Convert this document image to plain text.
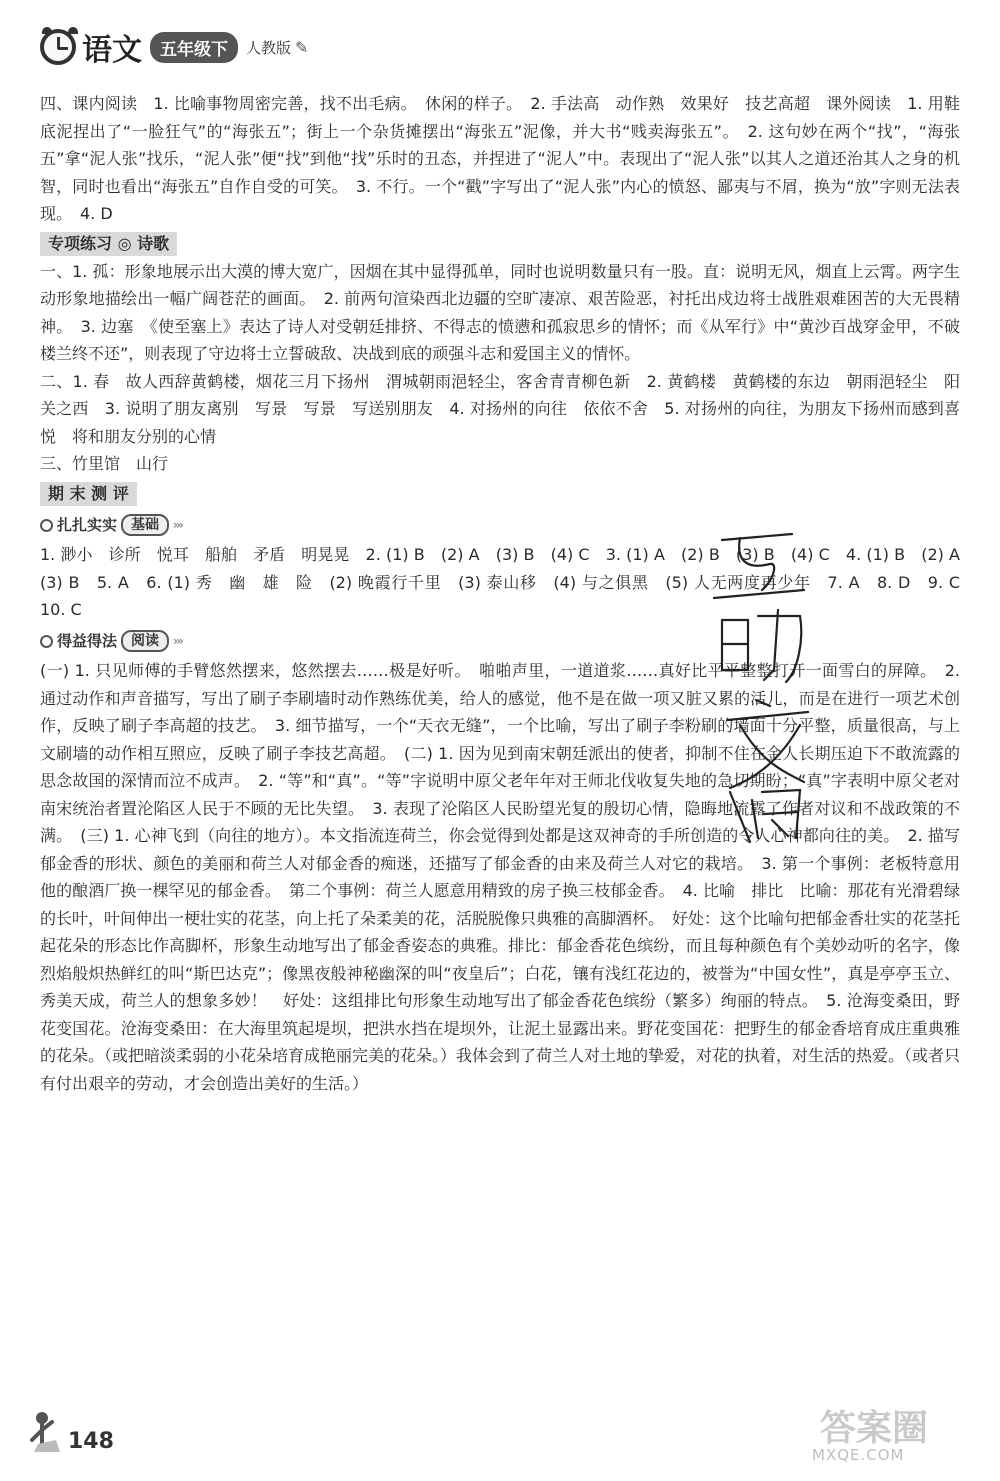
语文	五年级下	人教版 ✎

四、课内阅读　1. 比喻事物周密完善，找不出毛病。　休闲的样子。　2. 手法高　动作熟　效果好　技艺高超　课外阅读　1. 用鞋底泥捏出了“一脸狂气”的“海张五”；街上一个杂货摊摆出“海张五”泥像，并大书“贱卖海张五”。　2. 这句妙在两个“找”，“海张五”拿“泥人张”找乐，“泥人张”便“找”到他“找”乐时的丑态，并捏进了“泥人”中。表现出了“泥人张”以其人之道还治其人之身的机智，同时也看出“海张五”自作自受的可笑。　3. 不行。一个“戳”字写出了“泥人张”内心的愤怒、鄙夷与不屑，换为“放”字则无法表现。　4. D

专项练习 ◎ 诗歌

一、1. 孤：形象地展示出大漠的博大宽广，因烟在其中显得孤单，同时也说明数量只有一股。直：说明无风，烟直上云霄。两字生动形象地描绘出一幅广阔苍茫的画面。　2. 前两句渲染西北边疆的空旷凄凉、艰苦险恶，衬托出戍边将士战胜艰难困苦的大无畏精神。　3. 边塞　《使至塞上》表达了诗人对受朝廷排挤、不得志的愤懑和孤寂思乡的情怀；而《从军行》中“黄沙百战穿金甲，不破楼兰终不还”，则表现了守边将士立誓破敌、决战到底的顽强斗志和爱国主义的情怀。

二、1. 春　故人西辞黄鹤楼，烟花三月下扬州　渭城朝雨浥轻尘，客舍青青柳色新　2. 黄鹤楼　黄鹤楼的东边　朝雨浥轻尘　阳关之西　3. 说明了朋友离别　写景　写景　写送别朋友　4. 对扬州的向往　依依不舍　5. 对扬州的向往，为朋友下扬州而感到喜悦　将和朋友分别的心情

三、竹里馆　山行

期 末 测 评
扎扎实实	基础	›››

1. 渺小　诊所　悦耳　船舶　矛盾　明晃晃　2. (1) B　(2) A　(3) B　(4) C　3. (1) A　(2) B　(3) B　(4) C　4. (1) B　(2) A　(3) B　5. A　6. (1) 秀　幽　雄　险　(2) 晚霞行千里　(3) 泰山移　(4) 与之俱黑　(5) 人无两度再少年　7. A　8. D　9. C　10. C

得益得法	阅读	›››

(一) 1. 只见师傅的手臂悠然摆来，悠然摆去……极是好听。　啪啪声里，一道道浆……真好比平平整整打开一面雪白的屏障。　2. 通过动作和声音描写，写出了刷子李刷墙时动作熟练优美，给人的感觉，他不是在做一项又脏又累的活儿，而是在进行一项艺术创作，反映了刷子李高超的技艺。　3. 细节描写，一个“天衣无缝”，一个比喻，写出了刷子李粉刷的墙面十分平整，质量很高，与上文刷墙的动作相互照应，反映了刷子李技艺高超。　(二) 1. 因为见到南宋朝廷派出的使者，抑制不住在金人长期压迫下不敢流露的思念故国的深情而泣不成声。　2. “等”和“真”。“等”字说明中原父老年年对王师北伐收复失地的急切期盼；“真”字表明中原父老对南宋统治者置沦陷区人民于不顾的无比失望。　3. 表现了沦陷区人民盼望光复的殷切心情，隐晦地流露了作者对议和不战政策的不满。　(三) 1. 心神飞到（向往的地方）。本文指流连荷兰，你会觉得到处都是这双神奇的手所创造的令人心神都向往的美。　2. 描写郁金香的形状、颜色的美丽和荷兰人对郁金香的痴迷，还描写了郁金香的由来及荷兰人对它的栽培。　3. 第一个事例：老板特意用他的酿酒厂换一棵罕见的郁金香。　第二个事例：荷兰人愿意用精致的房子换三枝郁金香。　4. 比喻　排比　比喻：那花有光滑碧绿的长叶，叶间伸出一梗壮实的花茎，向上托了朵柔美的花，活脱脱像只典雅的高脚酒杯。　好处：这个比喻句把郁金香壮实的花茎托起花朵的形态比作高脚杯，形象生动地写出了郁金香姿态的典雅。排比：郁金香花色缤纷，而且每种颜色有个美妙动听的名字，像烈焰般炽热鲜红的叫“斯巴达克”；像黑夜般神秘幽深的叫“夜皇后”；白花，镶有浅红花边的，被誉为“中国女性”，真是亭亭玉立、秀美天成，荷兰人的想象多妙！　好处：这组排比句形象生动地写出了郁金香花色缤纷（繁多）绚丽的特点。　5. 沧海变桑田，野花变国花。沧海变桑田：在大海里筑起堤坝，把洪水挡在堤坝外，让泥土显露出来。野花变国花：把野生的郁金香培育成庄重典雅的花朵。（或把暗淡柔弱的小花朵培育成艳丽完美的花朵。）我体会到了荷兰人对土地的挚爱，对花的执着，对生活的热爱。（或者只有付出艰辛的劳动，才会创造出美好的生活。）

148	答案圈
MXQE.COM
